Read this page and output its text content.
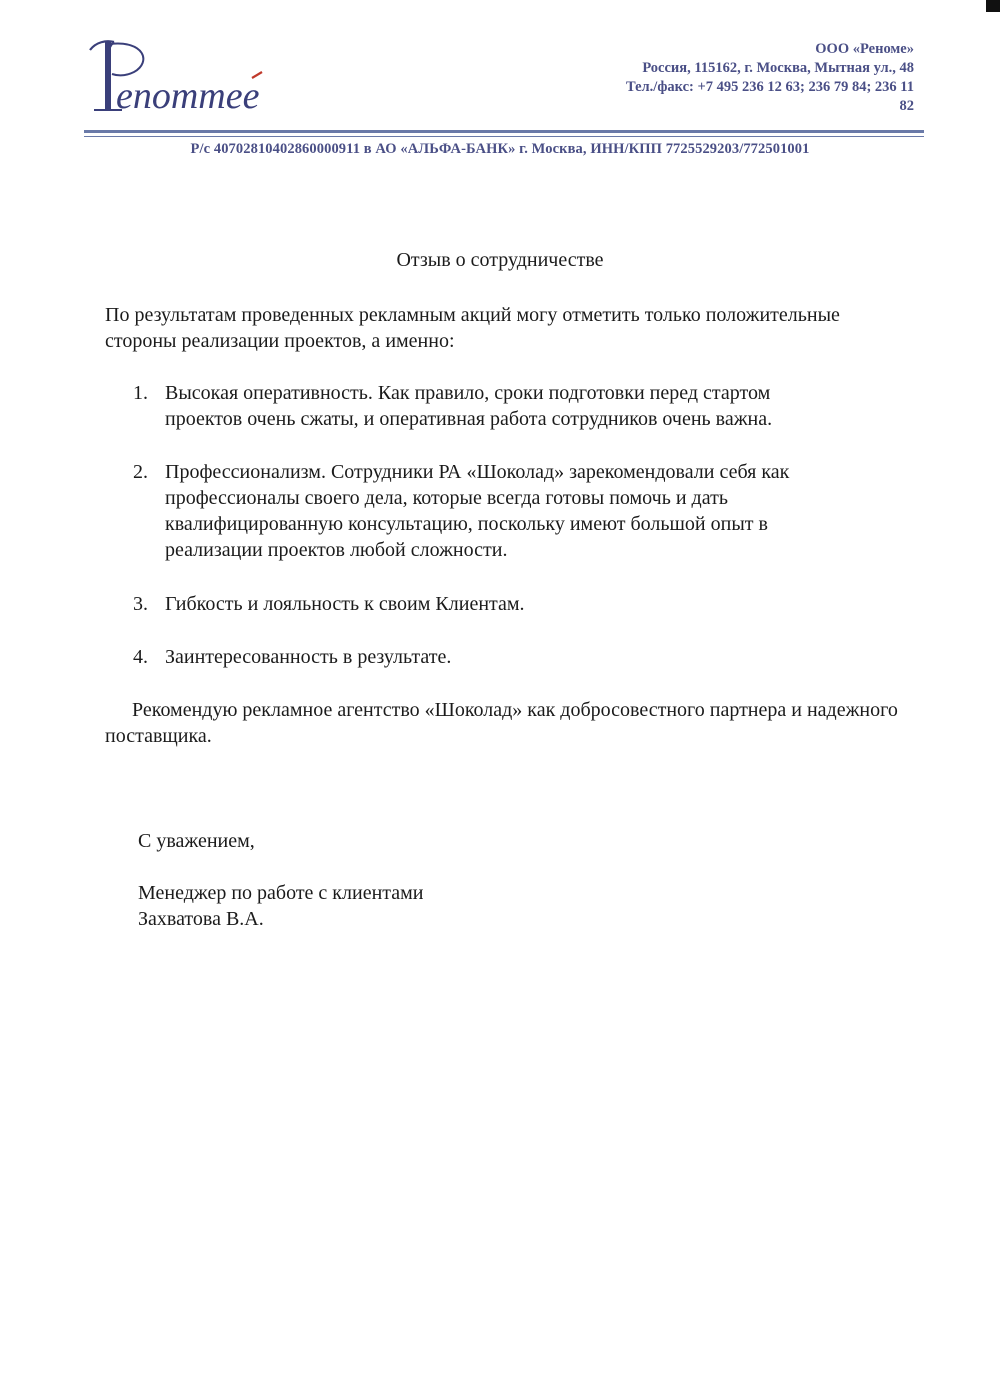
enommee
ООО «Реноме»
Россия, 115162, г. Москва, Мытная ул., 48
Тел./факс: +7 495 236 12 63; 236 79 84; 236 11
82
Р/с 40702810402860000911 в АО «АЛЬФА-БАНК» г. Москва, ИНН/КПП 7725529203/772501001
Отзыв о сотрудничестве
По результатам проведенных рекламным акций могу отметить только положительные стороны реализации проектов, а именно:
1. Высокая оперативность. Как правило, сроки подготовки перед стартом
проектов очень сжаты, и оперативная работа сотрудников очень важна.
2. Профессионализм. Сотрудники РА «Шоколад» зарекомендовали себя как
профессионалы своего дела, которые всегда готовы помочь и дать
квалифицированную консультацию, поскольку имеют большой опыт в
реализации проектов любой сложности.
3. Гибкость и лояльность к своим Клиентам.
4. Заинтересованность в результате.
Рекомендую рекламное агентство «Шоколад» как добросовестного партнера и надежного поставщика.
С уважением,
Менеджер по работе с клиентами
Захватова В.А.
